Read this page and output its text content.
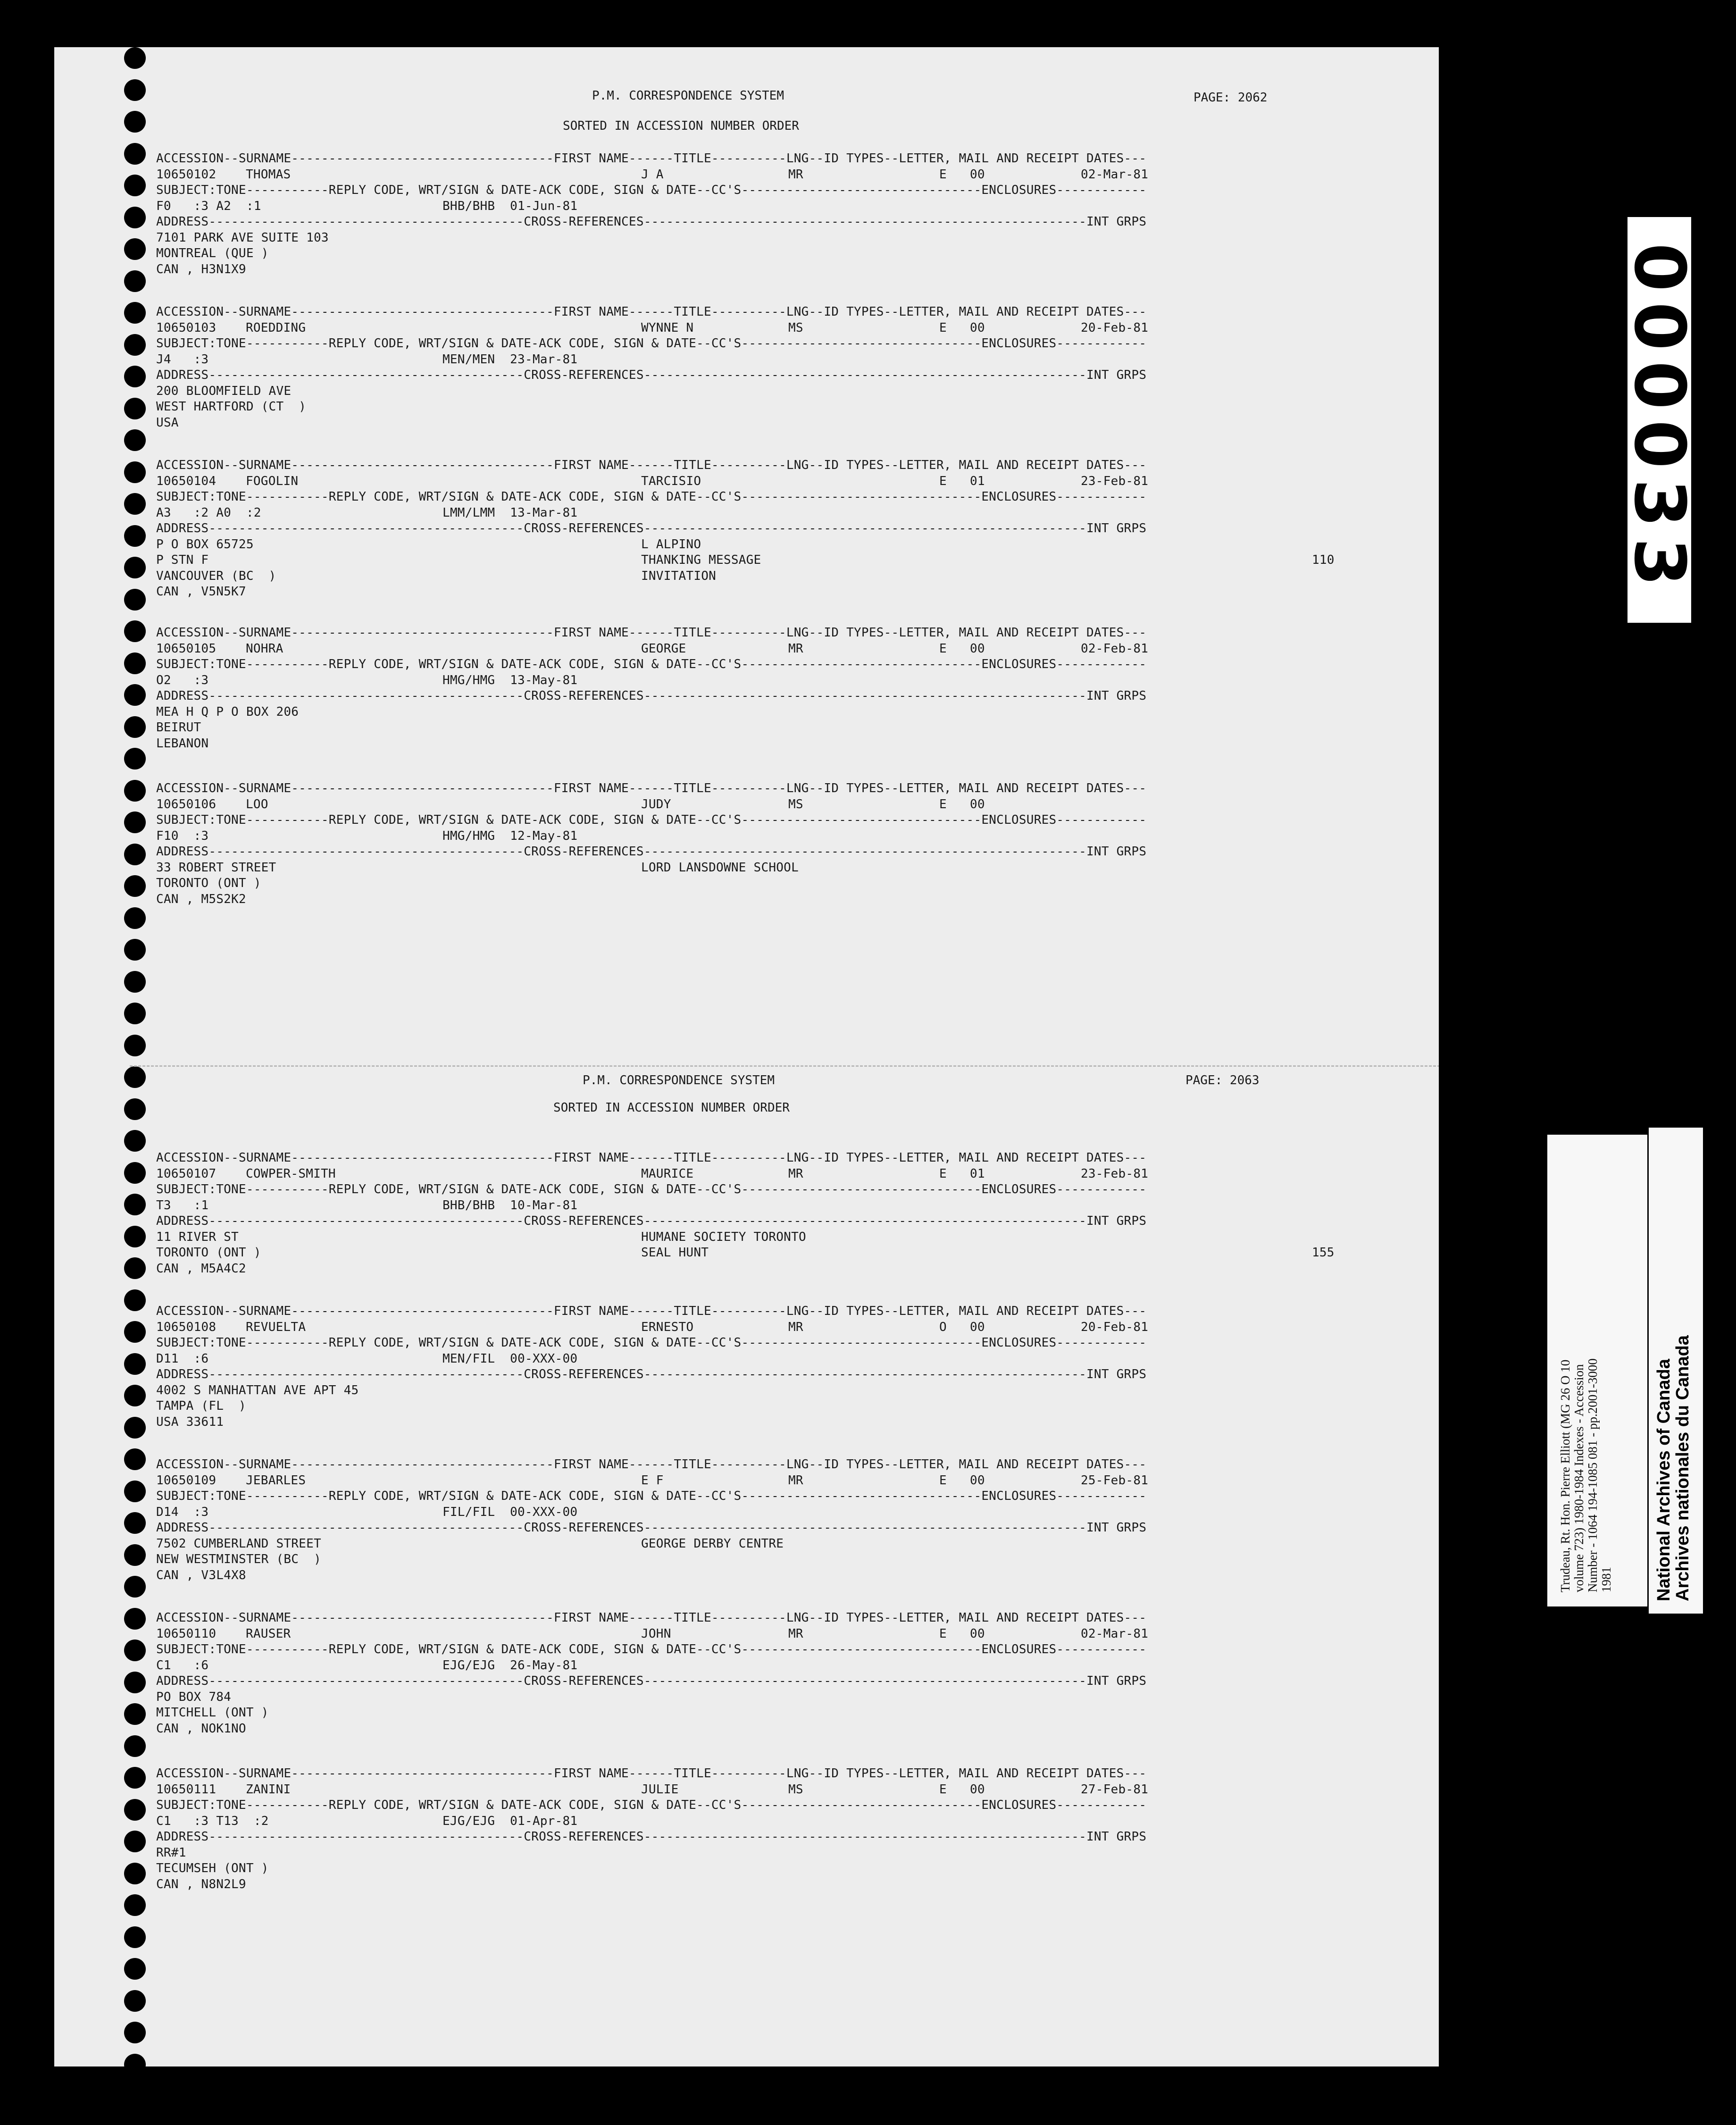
P.M. CORRESPONDENCE SYSTEM	PAGE: 2062
SORTED IN ACCESSION NUMBER ORDER
ACCESSION--SURNAME-----------------------------------FIRST NAME------TITLE----------LNG--ID TYPES--LETTER, MAIL AND RECEIPT DATES---
10650102 THOMAS	J A	MR	E 00	02-Mar-81
SUBJECT:TONE-----------REPLY CODE, WRT/SIGN & DATE-ACK CODE, SIGN & DATE--CC'S--------------------------------ENCLOSURES------------
F0   :3 A2  :1	BHB/BHB  01-Jun-81
ADDRESS------------------------------------------CROSS-REFERENCES-----------------------------------------------------------INT GRPS
7101 PARK AVE SUITE 103
MONTREAL (QUE )
CAN , H3N1X9
ACCESSION--SURNAME-----------------------------------FIRST NAME------TITLE----------LNG--ID TYPES--LETTER, MAIL AND RECEIPT DATES---
10650103 ROEDDING	WYNNE N	MS	E 00	20-Feb-81
SUBJECT:TONE-----------REPLY CODE, WRT/SIGN & DATE-ACK CODE, SIGN & DATE--CC'S--------------------------------ENCLOSURES------------
J4   :3	MEN/MEN  23-Mar-81
ADDRESS------------------------------------------CROSS-REFERENCES-----------------------------------------------------------INT GRPS
200 BLOOMFIELD AVE
WEST HARTFORD (CT  )
USA
ACCESSION--SURNAME-----------------------------------FIRST NAME------TITLE----------LNG--ID TYPES--LETTER, MAIL AND RECEIPT DATES---
10650104 FOGOLIN	TARCISIO	E 01	23-Feb-81
SUBJECT:TONE-----------REPLY CODE, WRT/SIGN & DATE-ACK CODE, SIGN & DATE--CC'S--------------------------------ENCLOSURES------------
A3   :2 A0  :2	LMM/LMM  13-Mar-81
ADDRESS------------------------------------------CROSS-REFERENCES-----------------------------------------------------------INT GRPS
P O BOX 65725	L ALPINO
P STN F	THANKING MESSAGE	110
VANCOUVER (BC  )	INVITATION
CAN , V5N5K7
ACCESSION--SURNAME-----------------------------------FIRST NAME------TITLE----------LNG--ID TYPES--LETTER, MAIL AND RECEIPT DATES---
10650105 NOHRA	GEORGE	MR	E 00	02-Feb-81
SUBJECT:TONE-----------REPLY CODE, WRT/SIGN & DATE-ACK CODE, SIGN & DATE--CC'S--------------------------------ENCLOSURES------------
O2   :3	HMG/HMG  13-May-81
ADDRESS------------------------------------------CROSS-REFERENCES-----------------------------------------------------------INT GRPS
MEA H Q P O BOX 206
BEIRUT
LEBANON
ACCESSION--SURNAME-----------------------------------FIRST NAME------TITLE----------LNG--ID TYPES--LETTER, MAIL AND RECEIPT DATES---
10650106 LOO	JUDY	MS	E 00
SUBJECT:TONE-----------REPLY CODE, WRT/SIGN & DATE-ACK CODE, SIGN & DATE--CC'S--------------------------------ENCLOSURES------------
F10  :3	HMG/HMG  12-May-81
ADDRESS------------------------------------------CROSS-REFERENCES-----------------------------------------------------------INT GRPS
33 ROBERT STREET	LORD LANSDOWNE SCHOOL
TORONTO (ONT )
CAN , M5S2K2
P.M. CORRESPONDENCE SYSTEM	PAGE: 2063
SORTED IN ACCESSION NUMBER ORDER
ACCESSION--SURNAME-----------------------------------FIRST NAME------TITLE----------LNG--ID TYPES--LETTER, MAIL AND RECEIPT DATES---
10650107 COWPER-SMITH	MAURICE	MR	E 01	23-Feb-81
SUBJECT:TONE-----------REPLY CODE, WRT/SIGN & DATE-ACK CODE, SIGN & DATE--CC'S--------------------------------ENCLOSURES------------
T3   :1	BHB/BHB  10-Mar-81
ADDRESS------------------------------------------CROSS-REFERENCES-----------------------------------------------------------INT GRPS
11 RIVER ST	HUMANE SOCIETY TORONTO
TORONTO (ONT )	SEAL HUNT	155
CAN , M5A4C2
ACCESSION--SURNAME-----------------------------------FIRST NAME------TITLE----------LNG--ID TYPES--LETTER, MAIL AND RECEIPT DATES---
10650108 REVUELTA	ERNESTO	MR	O 00	20-Feb-81
SUBJECT:TONE-----------REPLY CODE, WRT/SIGN & DATE-ACK CODE, SIGN & DATE--CC'S--------------------------------ENCLOSURES------------
D11  :6	MEN/FIL  00-XXX-00
ADDRESS------------------------------------------CROSS-REFERENCES-----------------------------------------------------------INT GRPS
4002 S MANHATTAN AVE APT 45
TAMPA (FL  )
USA 33611
ACCESSION--SURNAME-----------------------------------FIRST NAME------TITLE----------LNG--ID TYPES--LETTER, MAIL AND RECEIPT DATES---
10650109 JEBARLES	E F	MR	E 00	25-Feb-81
SUBJECT:TONE-----------REPLY CODE, WRT/SIGN & DATE-ACK CODE, SIGN & DATE--CC'S--------------------------------ENCLOSURES------------
D14  :3	FIL/FIL  00-XXX-00
ADDRESS------------------------------------------CROSS-REFERENCES-----------------------------------------------------------INT GRPS
7502 CUMBERLAND STREET	GEORGE DERBY CENTRE
NEW WESTMINSTER (BC  )
CAN , V3L4X8
ACCESSION--SURNAME-----------------------------------FIRST NAME------TITLE----------LNG--ID TYPES--LETTER, MAIL AND RECEIPT DATES---
10650110 RAUSER	JOHN	MR	E 00	02-Mar-81
SUBJECT:TONE-----------REPLY CODE, WRT/SIGN & DATE-ACK CODE, SIGN & DATE--CC'S--------------------------------ENCLOSURES------------
C1   :6	EJG/EJG  26-May-81
ADDRESS------------------------------------------CROSS-REFERENCES-----------------------------------------------------------INT GRPS
PO BOX 784
MITCHELL (ONT )
CAN , NOK1NO
ACCESSION--SURNAME-----------------------------------FIRST NAME------TITLE----------LNG--ID TYPES--LETTER, MAIL AND RECEIPT DATES---
10650111 ZANINI	JULIE	MS	E 00	27-Feb-81
SUBJECT:TONE-----------REPLY CODE, WRT/SIGN & DATE-ACK CODE, SIGN & DATE--CC'S--------------------------------ENCLOSURES------------
C1   :3 T13  :2	EJG/EJG  01-Apr-81
ADDRESS------------------------------------------CROSS-REFERENCES-----------------------------------------------------------INT GRPS
RR#1
TECUMSEH (ONT )
CAN , N8N2L9
000033
Trudeau, Rt. Hon. Pierre Elliott (MG 26 O 10 volume 723) 1980-1984 Indexes - Accession Number - 1064 194-1085 081 - pp.2001-3000 1981 National Archives of Canada
Archives nationales du Canada
